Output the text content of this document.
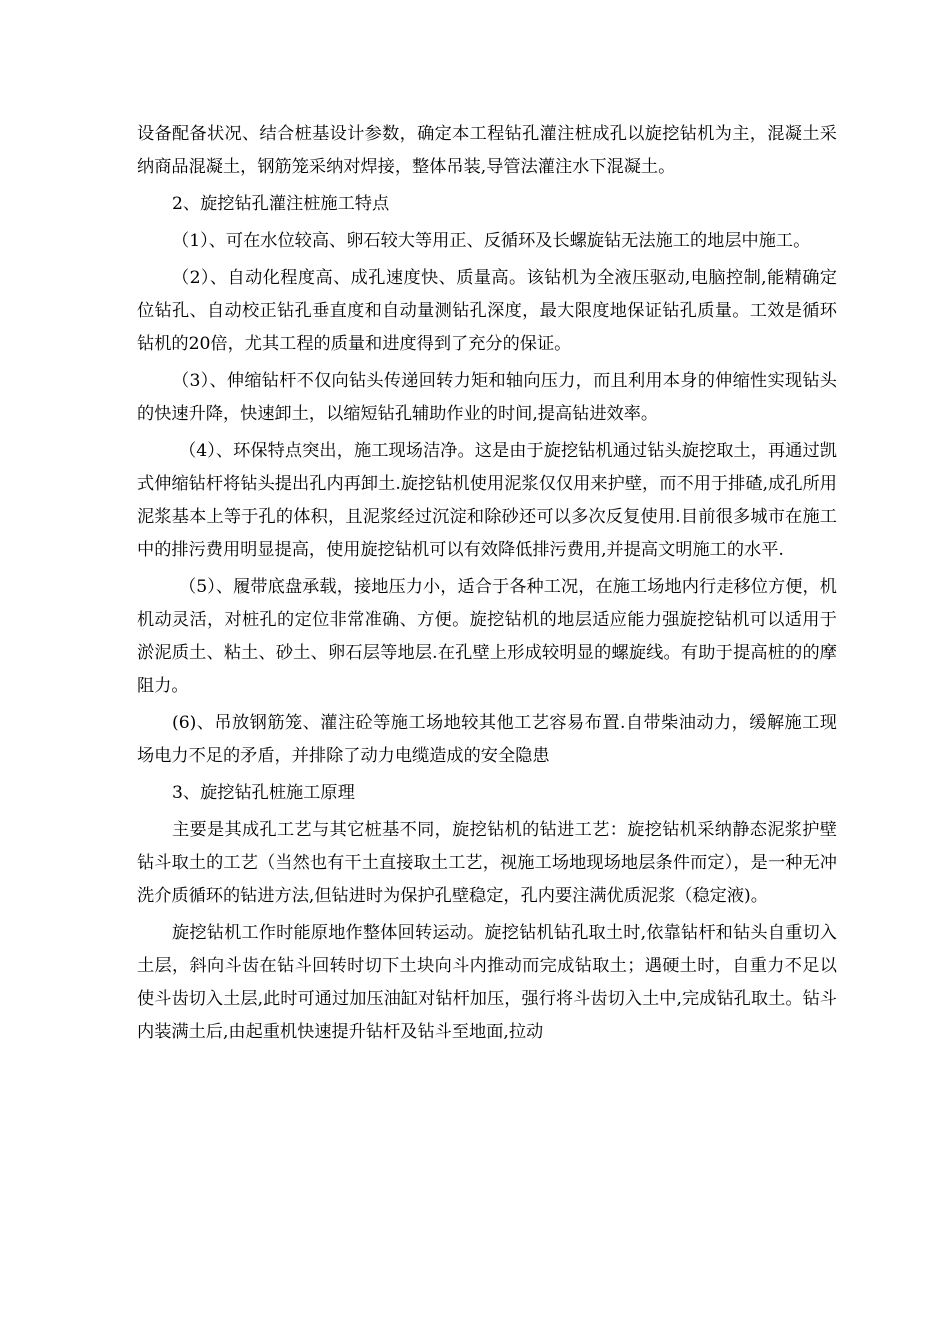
设备配备状况、结合桩基设计参数，确定本工程钻孔灌注桩成孔以旋挖钻机为主，混凝土采纳商品混凝土，钢筋笼采纳对焊接，整体吊装,导管法灌注水下混凝土。

2、旋挖钻孔灌注桩施工特点

（1）、可在水位较高、卵石较大等用正、反循环及长螺旋钻无法施工的地层中施工。

（2）、自动化程度高、成孔速度快、质量高。该钻机为全液压驱动,电脑控制,能精确定位钻孔、自动校正钻孔垂直度和自动量测钻孔深度，最大限度地保证钻孔质量。工效是循环钻机的20倍，尤其工程的质量和进度得到了充分的保证。

（3）、伸缩钻杆不仅向钻头传递回转力矩和轴向压力，而且利用本身的伸缩性实现钻头的快速升降，快速卸土，以缩短钻孔辅助作业的时间,提高钻进效率。

（4）、环保特点突出，施工现场洁净。这是由于旋挖钻机通过钻头旋挖取土，再通过凯式伸缩钻杆将钻头提出孔内再卸土.旋挖钻机使用泥浆仅仅用来护壁，而不用于排碴,成孔所用泥浆基本上等于孔的体积，且泥浆经过沉淀和除砂还可以多次反复使用.目前很多城市在施工中的排污费用明显提高，使用旋挖钻机可以有效降低排污费用,并提高文明施工的水平.

（5）、履带底盘承载，接地压力小，适合于各种工况，在施工场地内行走移位方便，机机动灵活，对桩孔的定位非常准确、方便。旋挖钻机的地层适应能力强旋挖钻机可以适用于淤泥质土、粘土、砂土、卵石层等地层.在孔壁上形成较明显的螺旋线。有助于提高桩的的摩阻力。

(6)、吊放钢筋笼、灌注砼等施工场地较其他工艺容易布置.自带柴油动力，缓解施工现场电力不足的矛盾，并排除了动力电缆造成的安全隐患

3、旋挖钻孔桩施工原理

主要是其成孔工艺与其它桩基不同，旋挖钻机的钻进工艺：旋挖钻机采纳静态泥浆护壁钻斗取土的工艺（当然也有干土直接取土工艺，视施工场地现场地层条件而定），是一种无冲洗介质循环的钻进方法,但钻进时为保护孔壁稳定，孔内要注满优质泥浆（稳定液)。

旋挖钻机工作时能原地作整体回转运动。旋挖钻机钻孔取土时,依靠钻杆和钻头自重切入土层，斜向斗齿在钻斗回转时切下土块向斗内推动而完成钻取土；遇硬土时，自重力不足以使斗齿切入土层,此时可通过加压油缸对钻杆加压，强行将斗齿切入土中,完成钻孔取土。钻斗内装满土后,由起重机快速提升钻杆及钻斗至地面,拉动
